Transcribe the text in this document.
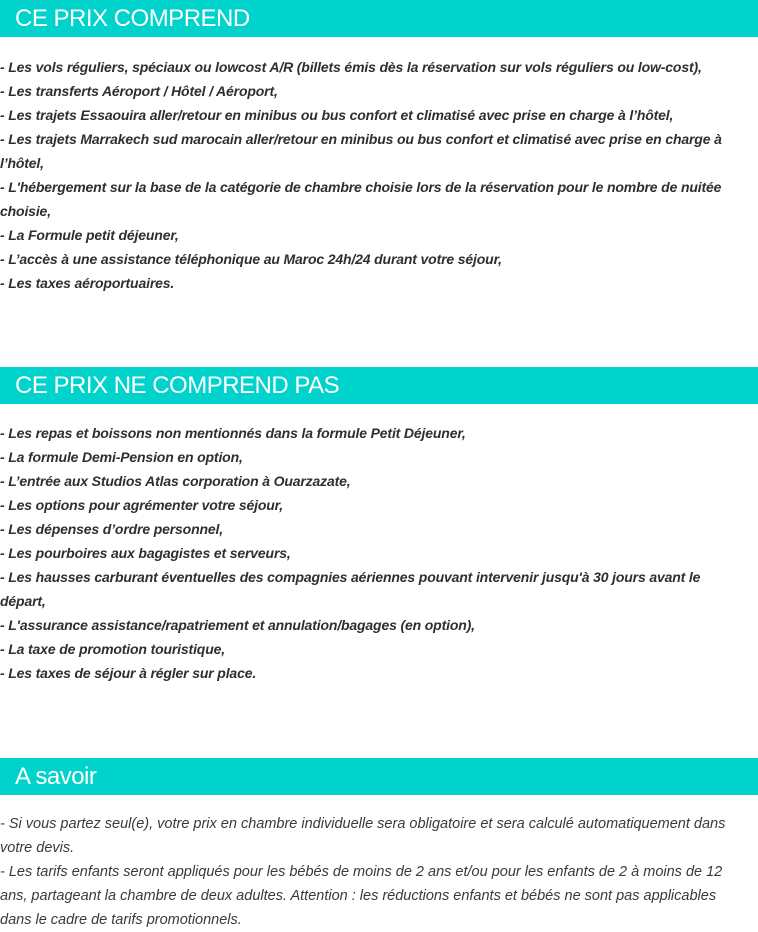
CE PRIX COMPREND
- Les vols réguliers, spéciaux ou lowcost A/R (billets émis dès la réservation sur vols réguliers ou low-cost),
- Les transferts Aéroport / Hôtel / Aéroport,
- Les trajets Essaouira aller/retour en minibus ou bus confort et climatisé avec prise en charge à l’hôtel,
- Les trajets Marrakech sud marocain aller/retour en minibus ou bus confort et climatisé avec prise en charge à l’hôtel,
- L'hébergement sur la base de la catégorie de chambre choisie lors de la réservation pour le nombre de nuitée choisie,
- La Formule petit déjeuner,
- L’accès à une assistance téléphonique au Maroc 24h/24 durant votre séjour,
- Les taxes aéroportuaires.
CE PRIX NE COMPREND PAS
- Les repas et boissons non mentionnés dans la formule Petit Déjeuner,
- La formule Demi-Pension en option,
- L’entrée aux Studios Atlas corporation à Ouarzazate,
- Les options pour agrémenter votre séjour,
- Les dépenses d’ordre personnel,
- Les pourboires aux bagagistes et serveurs,
- Les hausses carburant éventuelles des compagnies aériennes pouvant intervenir jusqu'à 30 jours avant le départ,
- L'assurance assistance/rapatriement et annulation/bagages (en option),
- La taxe de promotion touristique,
- Les taxes de séjour à régler sur place.
A savoir
- Si vous partez seul(e), votre prix en chambre individuelle sera obligatoire et sera calculé automatiquement dans votre devis.
- Les tarifs enfants seront appliqués pour les bébés de moins de 2 ans et/ou pour les enfants de 2 à moins de 12 ans, partageant la chambre de deux adultes. Attention : les réductions enfants et bébés ne sont pas applicables dans le cadre de tarifs promotionnels.
